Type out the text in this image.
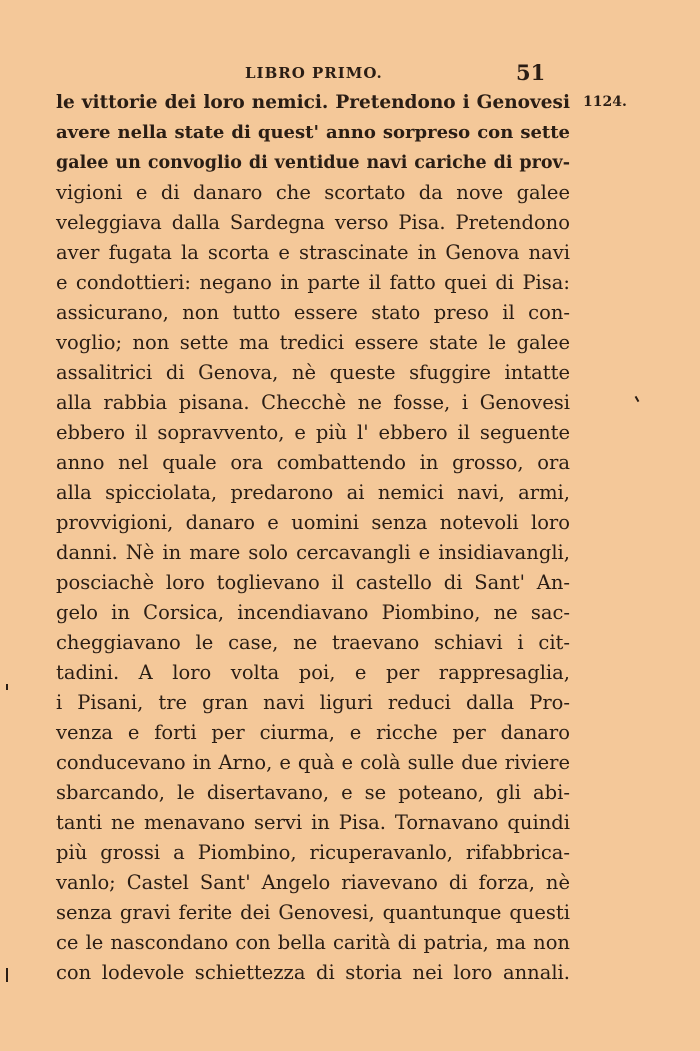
LIBRO PRIMO.	51
1124.
le vittorie dei loro nemici. Pretendono i Genovesi
avere nella state di quest' anno sorpreso con sette
galee un convoglio di ventidue navi cariche di prov-
vigioni e di danaro che scortato da nove galee
veleggiava dalla Sardegna verso Pisa. Pretendono
aver fugata la scorta e strascinate in Genova navi
e condottieri: negano in parte il fatto quei di Pisa:
assicurano, non tutto essere stato preso il con-
voglio; non sette ma tredici essere state le galee
assalitrici di Genova, nè queste sfuggire intatte
alla rabbia pisana. Checchè ne fosse, i Genovesi
ebbero il sopravvento, e più l' ebbero il seguente
anno nel quale ora combattendo in grosso, ora
alla spicciolata, predarono ai nemici navi, armi,
provvigioni, danaro e uomini senza notevoli loro
danni. Nè in mare solo cercavangli e insidiavangli,
posciachè loro toglievano il castello di Sant' An-
gelo in Corsica, incendiavano Piombino, ne sac-
cheggiavano le case, ne traevano schiavi i cit-
tadini. A loro volta poi, e per rappresaglia,
i Pisani, tre gran navi liguri reduci dalla Pro-
venza e forti per ciurma, e ricche per danaro
conducevano in Arno, e quà e colà sulle due riviere
sbarcando, le disertavano, e se poteano, gli abi-
tanti ne menavano servi in Pisa. Tornavano quindi
più grossi a Piombino, ricuperavanlo, rifabbrica-
vanlo; Castel Sant' Angelo riavevano di forza, nè
senza gravi ferite dei Genovesi, quantunque questi
ce le nascondano con bella carità di patria, ma non
con lodevole schiettezza di storia nei loro annali.
